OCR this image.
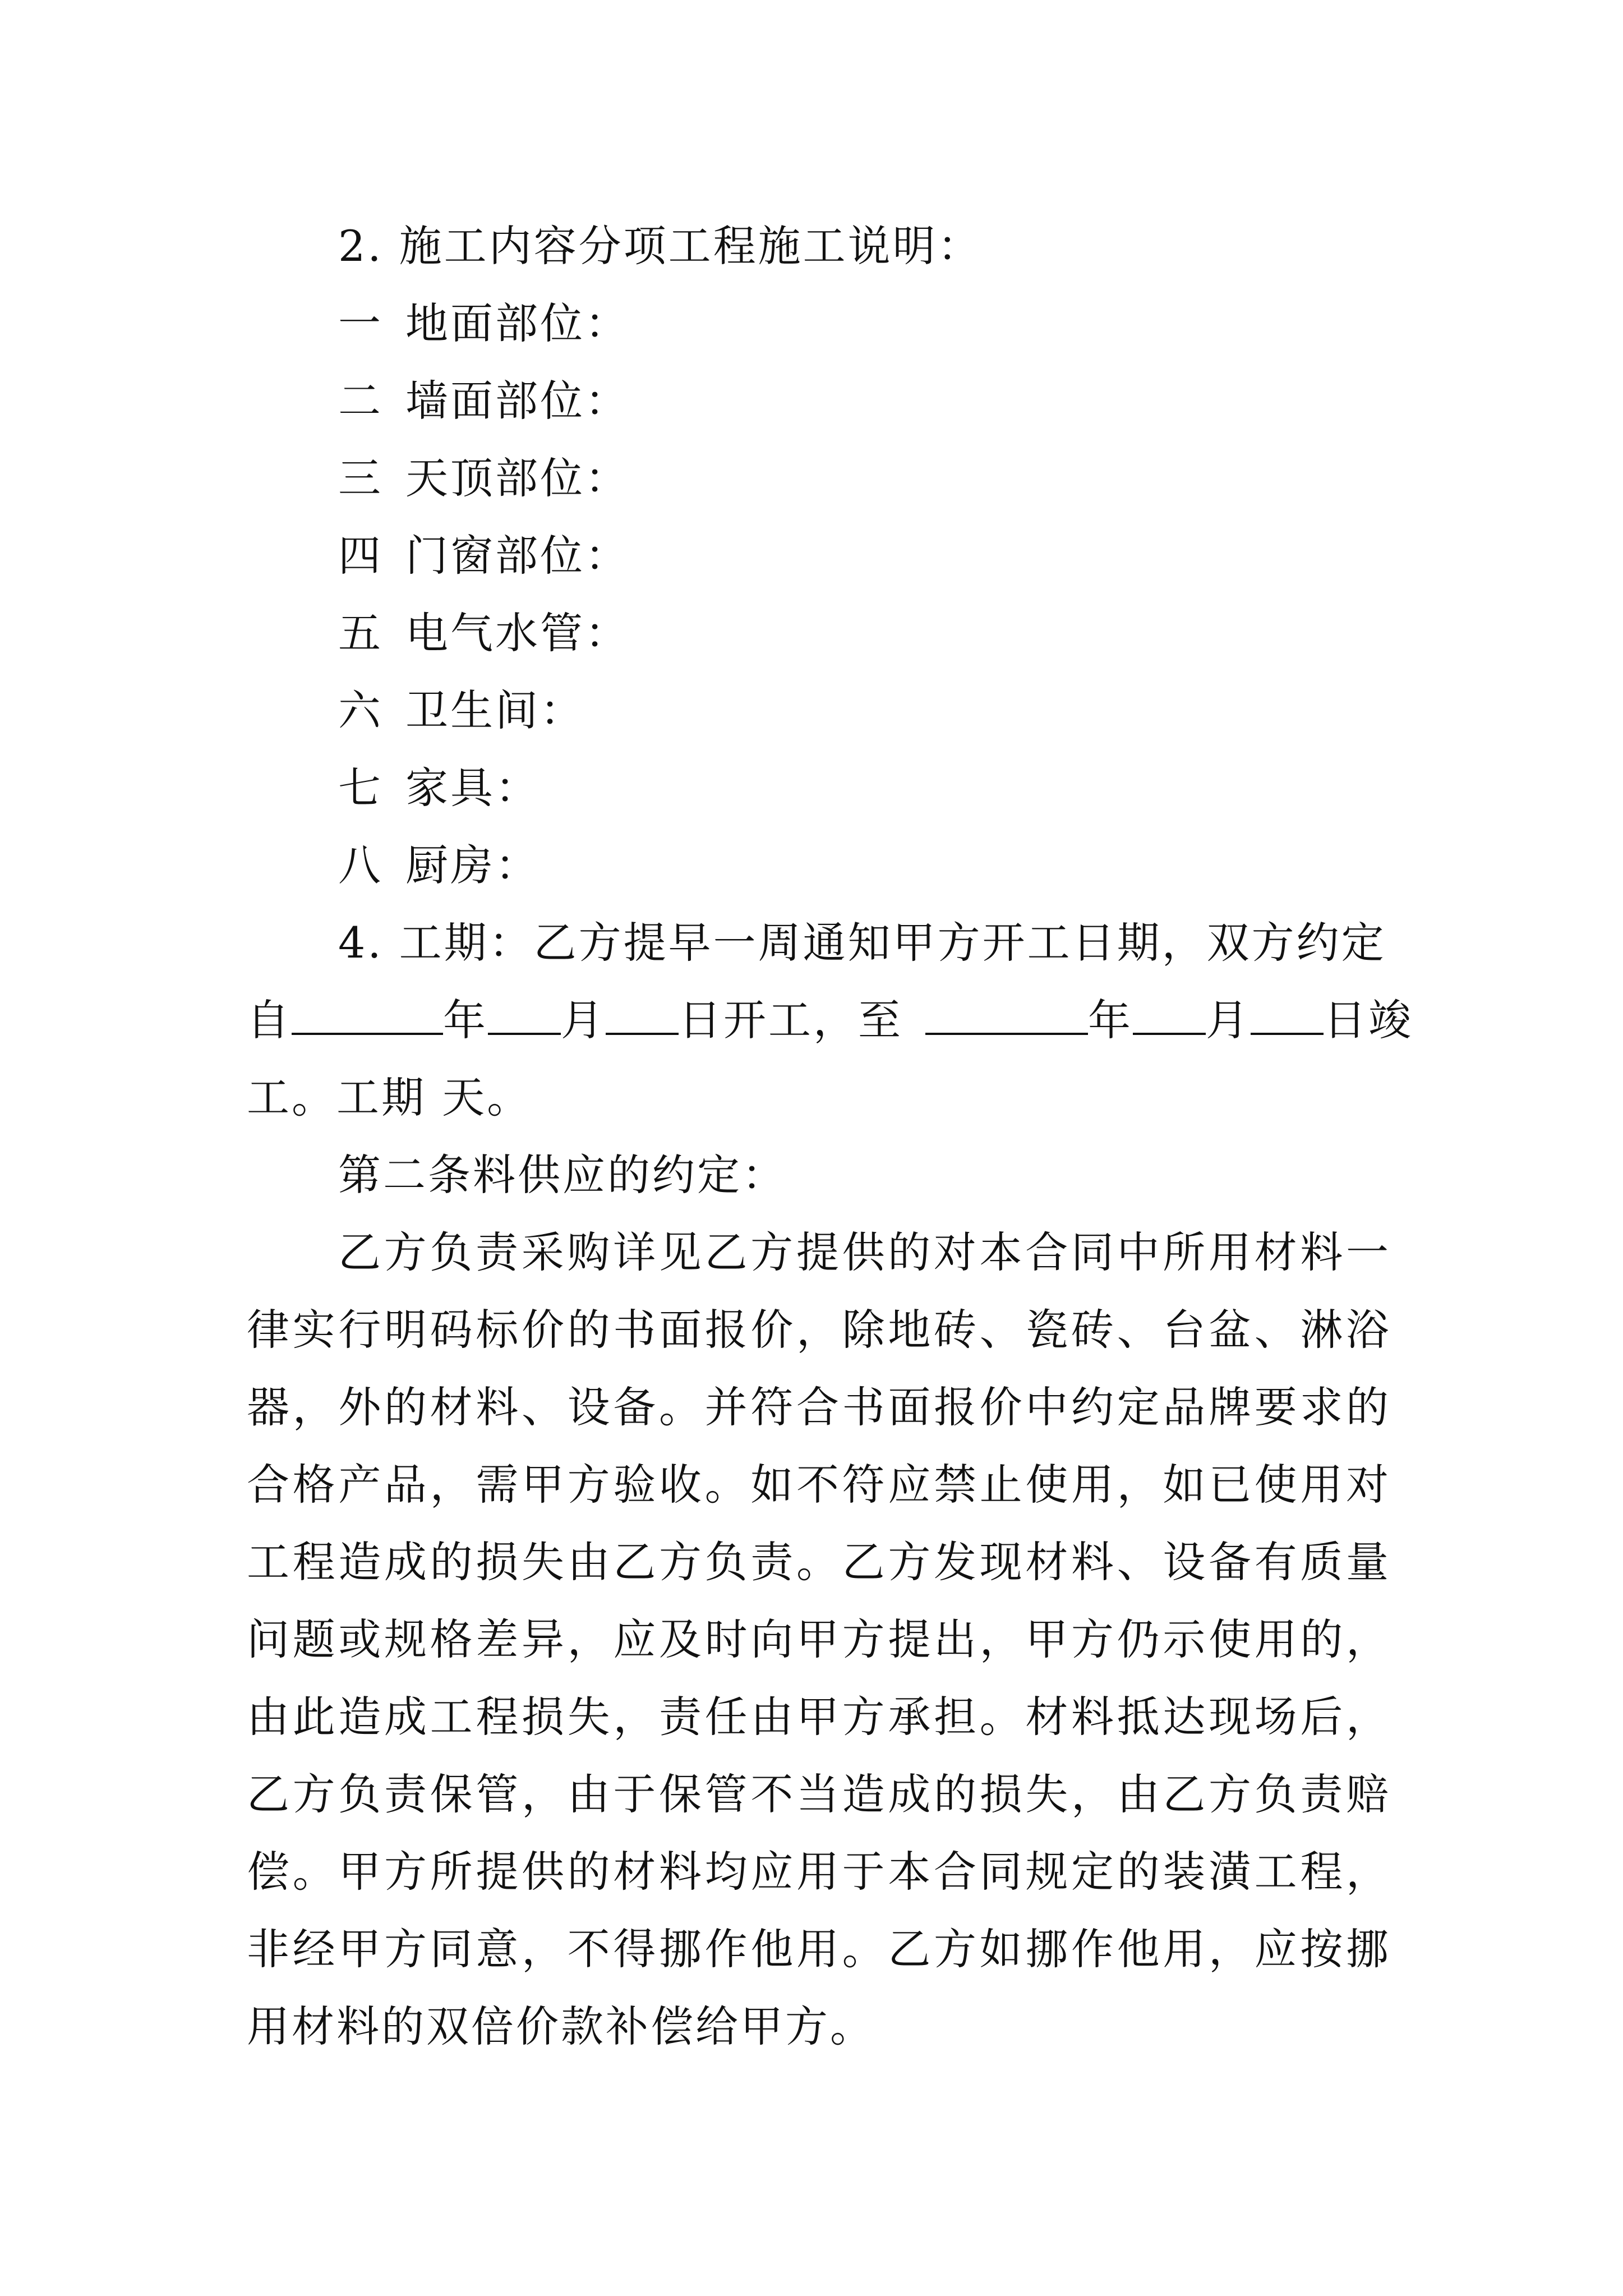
2. 施工内容分项工程施工说明：
一 地面部位：
二 墙面部位：
三 天顶部位：
四 门窗部位：
五 电气水管：
六 卫生间：
七 家具：
八 厨房：
4. 工期：乙方提早一周通知甲方开工日期，双方约定
自	年 月 日开工，至	年 月 日竣
工。工期 天。
第二条料供应的约定：
乙方负责采购详见乙方提供的对本合同中所用材料一律实行明码标价的书面报价，除地砖、瓷砖、台盆、淋浴器，外的材料、设备。并符合书面报价中约定品牌要求的合格产品，需甲方验收。如不符应禁止使用，如已使用对工程造成的损失由乙方负责。乙方发现材料、设备有质量问题或规格差异，应及时向甲方提出，甲方仍示使用的，由此造成工程损失，责任由甲方承担。材料抵达现场后，乙方负责保管，由于保管不当造成的损失，由乙方负责赔偿。甲方所提供的材料均应用于本合同规定的装潢工程，非经甲方同意，不得挪作他用。乙方如挪作他用，应按挪用材料的双倍价款补偿给甲方。
